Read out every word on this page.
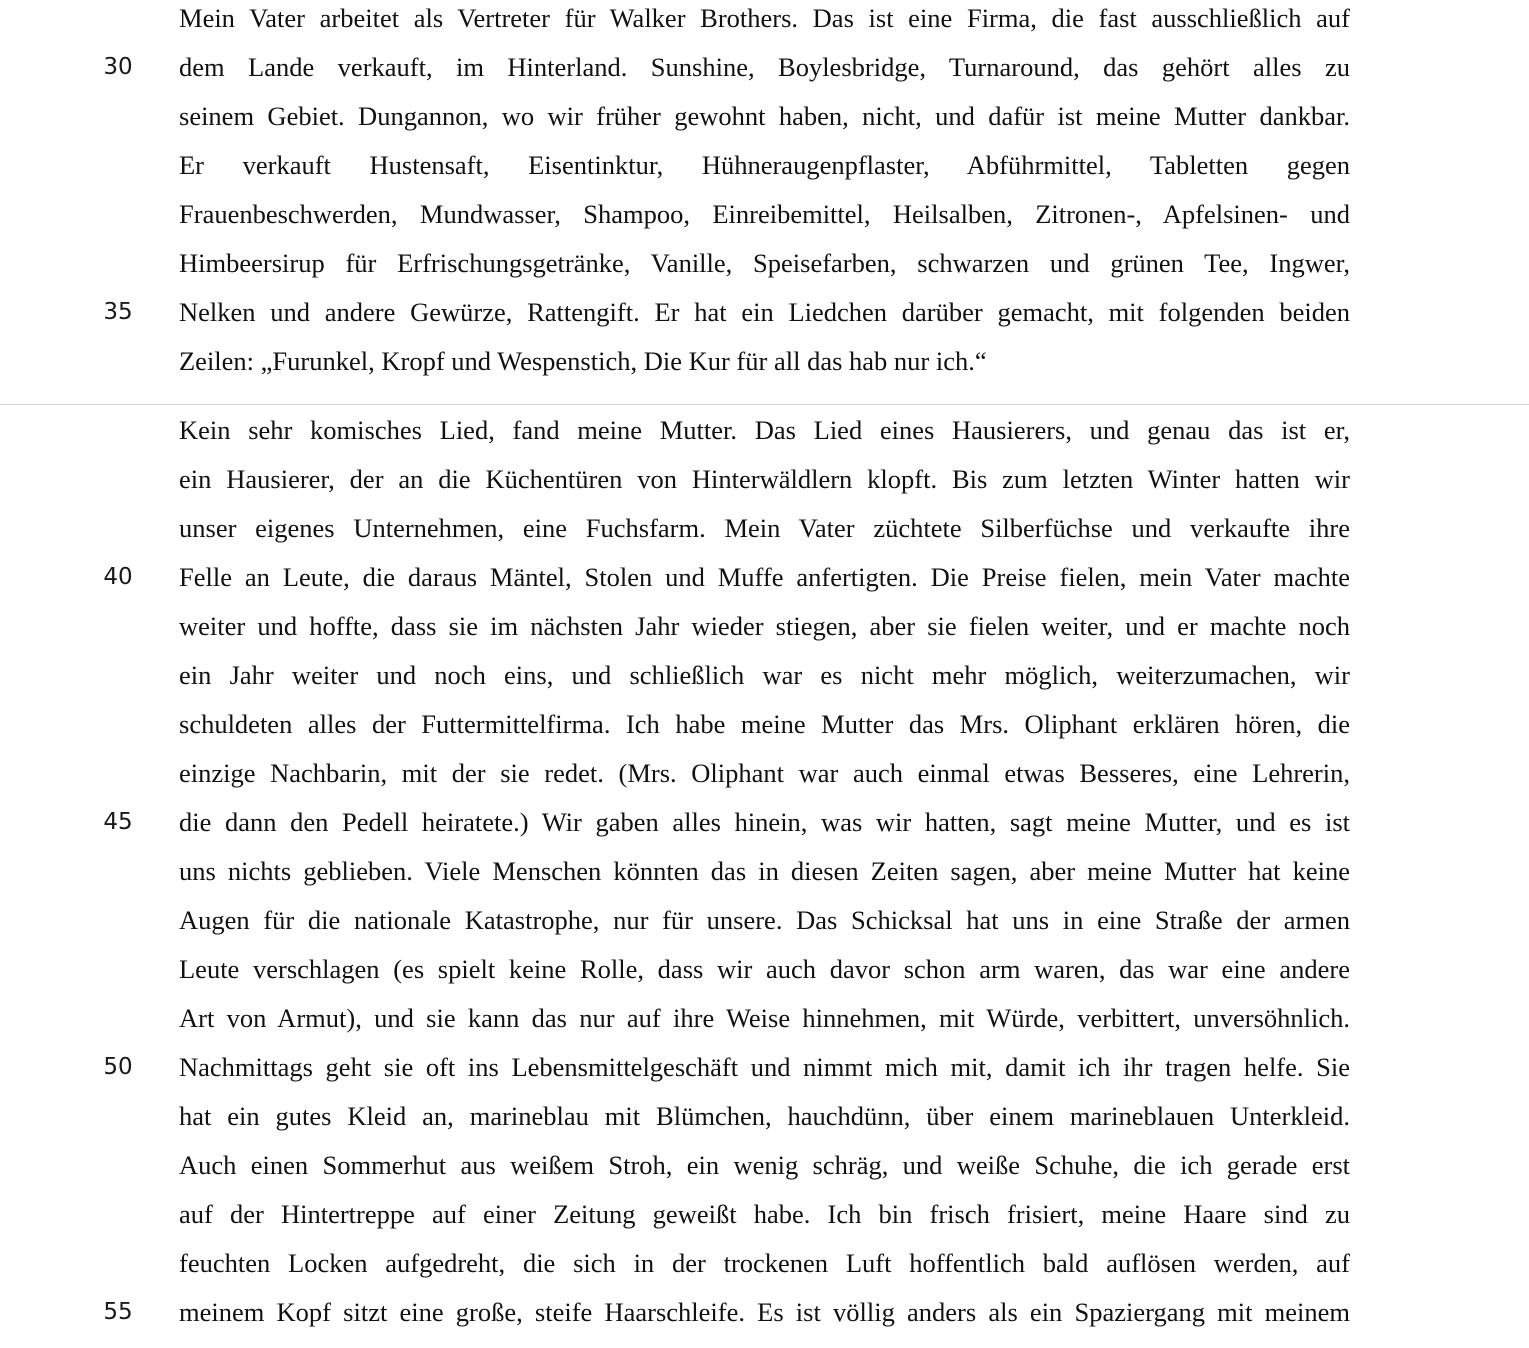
Mein Vater arbeitet als Vertreter für Walker Brothers. Das ist eine Firma, die fast ausschließlich auf
30	dem Lande verkauft, im Hinterland. Sunshine, Boylesbridge, Turnaround, das gehört alles zu
seinem Gebiet. Dungannon, wo wir früher gewohnt haben, nicht, und dafür ist meine Mutter dankbar.
Er verkauft Hustensaft, Eisentinktur, Hühneraugenpflaster, Abführmittel, Tabletten gegen
Frauenbeschwerden, Mundwasser, Shampoo, Einreibemittel, Heilsalben, Zitronen-, Apfelsinen- und
Himbeersirup für Erfrischungsgetränke, Vanille, Speisefarben, schwarzen und grünen Tee, Ingwer,
35	Nelken und andere Gewürze, Rattengift. Er hat ein Liedchen darüber gemacht, mit folgenden beiden
Zeilen: „Furunkel, Kropf und Wespenstich, Die Kur für all das hab nur ich.“
Kein sehr komisches Lied, fand meine Mutter. Das Lied eines Hausierers, und genau das ist er,
ein Hausierer, der an die Küchentüren von Hinterwäldlern klopft. Bis zum letzten Winter hatten wir
unser eigenes Unternehmen, eine Fuchsfarm. Mein Vater züchtete Silberfüchse und verkaufte ihre
40	Felle an Leute, die daraus Mäntel, Stolen und Muffe anfertigten. Die Preise fielen, mein Vater machte
weiter und hoffte, dass sie im nächsten Jahr wieder stiegen, aber sie fielen weiter, und er machte noch
ein Jahr weiter und noch eins, und schließlich war es nicht mehr möglich, weiterzumachen, wir
schuldeten alles der Futtermittelfirma. Ich habe meine Mutter das Mrs. Oliphant erklären hören, die
einzige Nachbarin, mit der sie redet. (Mrs. Oliphant war auch einmal etwas Besseres, eine Lehrerin,
45	die dann den Pedell heiratete.) Wir gaben alles hinein, was wir hatten, sagt meine Mutter, und es ist
uns nichts geblieben. Viele Menschen könnten das in diesen Zeiten sagen, aber meine Mutter hat keine
Augen für die nationale Katastrophe, nur für unsere. Das Schicksal hat uns in eine Straße der armen
Leute verschlagen (es spielt keine Rolle, dass wir auch davor schon arm waren, das war eine andere
Art von Armut), und sie kann das nur auf ihre Weise hinnehmen, mit Würde, verbittert, unversöhnlich.
50	Nachmittags geht sie oft ins Lebensmittelgeschäft und nimmt mich mit, damit ich ihr tragen helfe. Sie
hat ein gutes Kleid an, marineblau mit Blümchen, hauchdünn, über einem marineblauen Unterkleid.
Auch einen Sommerhut aus weißem Stroh, ein wenig schräg, und weiße Schuhe, die ich gerade erst
auf der Hintertreppe auf einer Zeitung geweißt habe. Ich bin frisch frisiert, meine Haare sind zu
feuchten Locken aufgedreht, die sich in der trockenen Luft hoffentlich bald auflösen werden, auf
55	meinem Kopf sitzt eine große, steife Haarschleife. Es ist völlig anders als ein Spaziergang mit meinem
